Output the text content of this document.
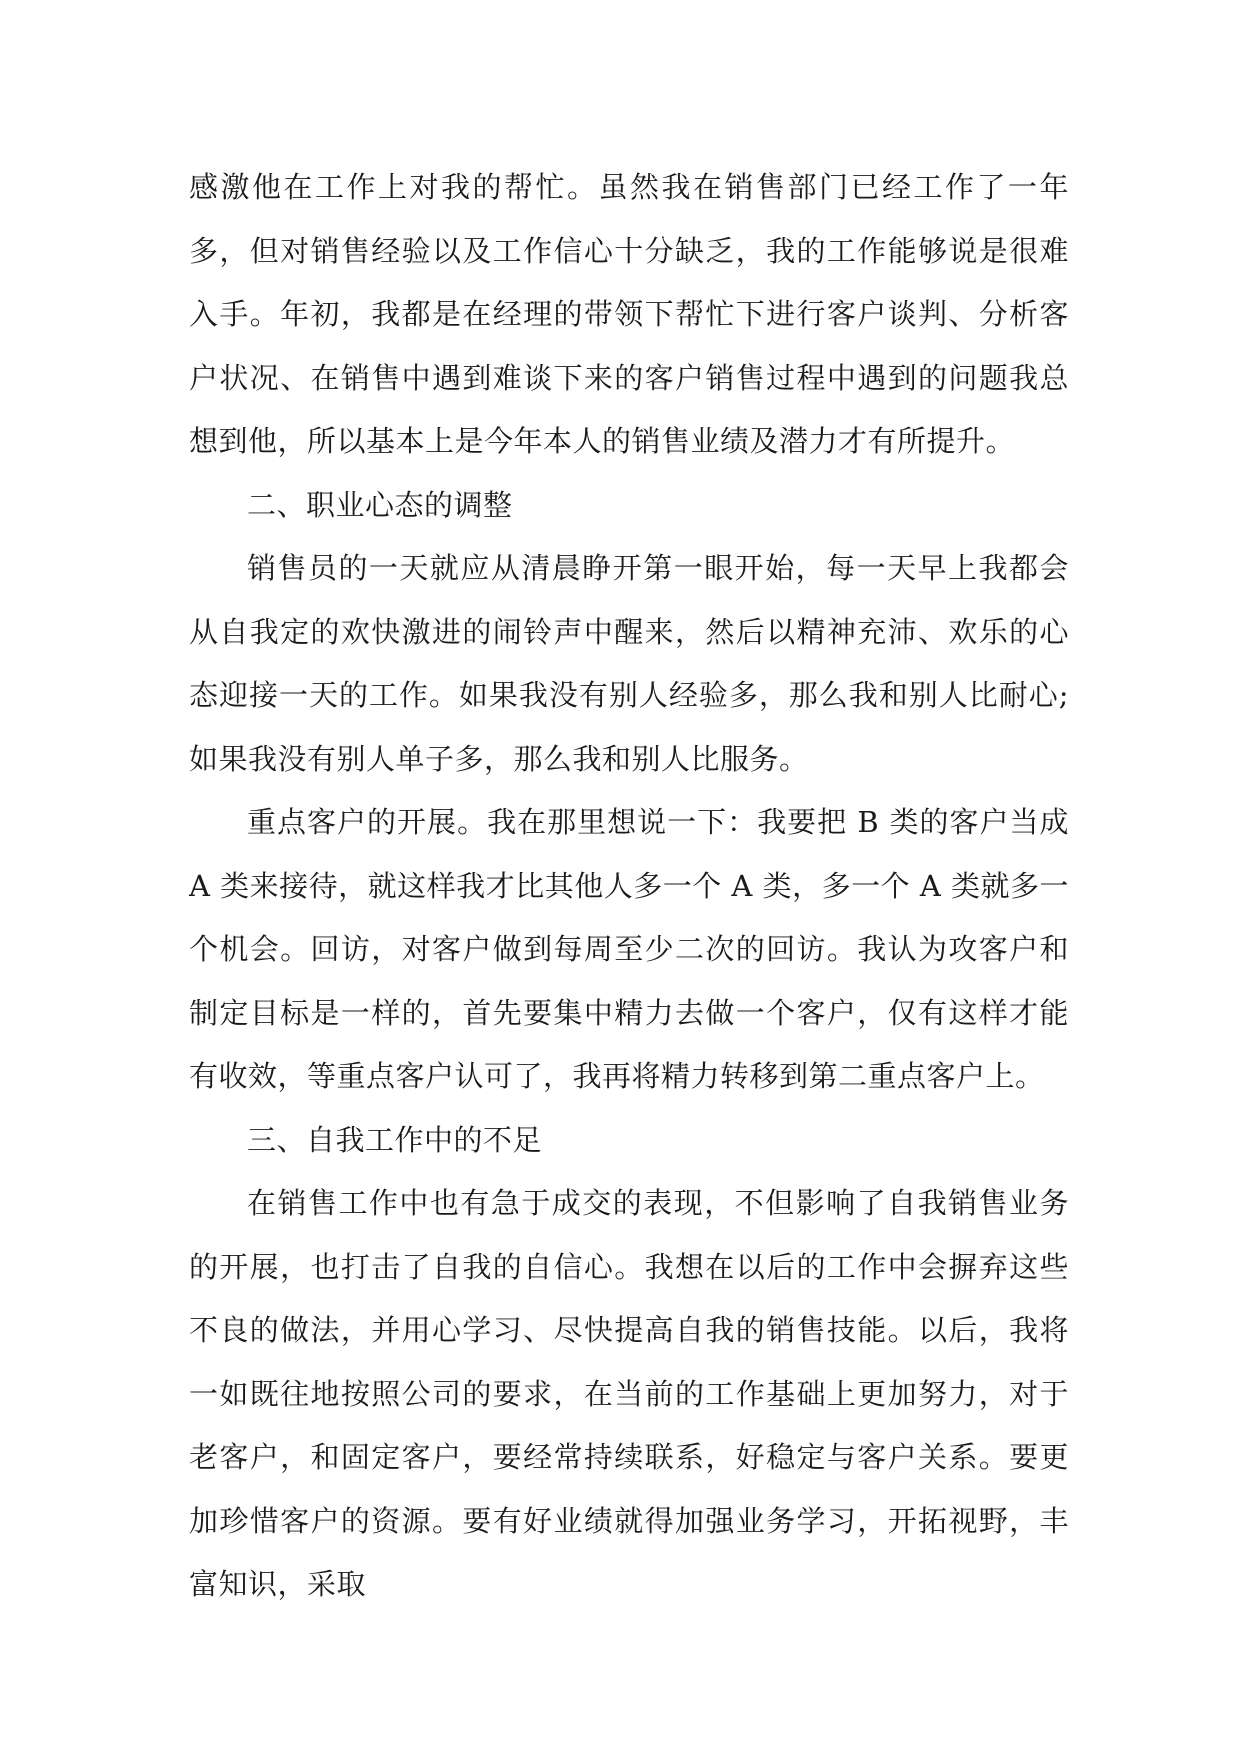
感激他在工作上对我的帮忙。虽然我在销售部门已经工作了一年多，但对销售经验以及工作信心十分缺乏，我的工作能够说是很难入手。年初，我都是在经理的带领下帮忙下进行客户谈判、分析客户状况、在销售中遇到难谈下来的客户销售过程中遇到的问题我总想到他，所以基本上是今年本人的销售业绩及潜力才有所提升。

二、职业心态的调整

销售员的一天就应从清晨睁开第一眼开始，每一天早上我都会从自我定的欢快激进的闹铃声中醒来，然后以精神充沛、欢乐的心态迎接一天的工作。如果我没有别人经验多，那么我和别人比耐心;如果我没有别人单子多，那么我和别人比服务。

重点客户的开展。我在那里想说一下：我要把 B 类的客户当成 A 类来接待，就这样我才比其他人多一个 A 类，多一个 A 类就多一个机会。回访，对客户做到每周至少二次的回访。我认为攻客户和制定目标是一样的，首先要集中精力去做一个客户，仅有这样才能有收效，等重点客户认可了，我再将精力转移到第二重点客户上。

三、自我工作中的不足

在销售工作中也有急于成交的表现，不但影响了自我销售业务的开展，也打击了自我的自信心。我想在以后的工作中会摒弃这些不良的做法，并用心学习、尽快提高自我的销售技能。以后，我将一如既往地按照公司的要求，在当前的工作基础上更加努力，对于老客户，和固定客户，要经常持续联系，好稳定与客户关系。要更加珍惜客户的资源。要有好业绩就得加强业务学习，开拓视野，丰富知识，采取
